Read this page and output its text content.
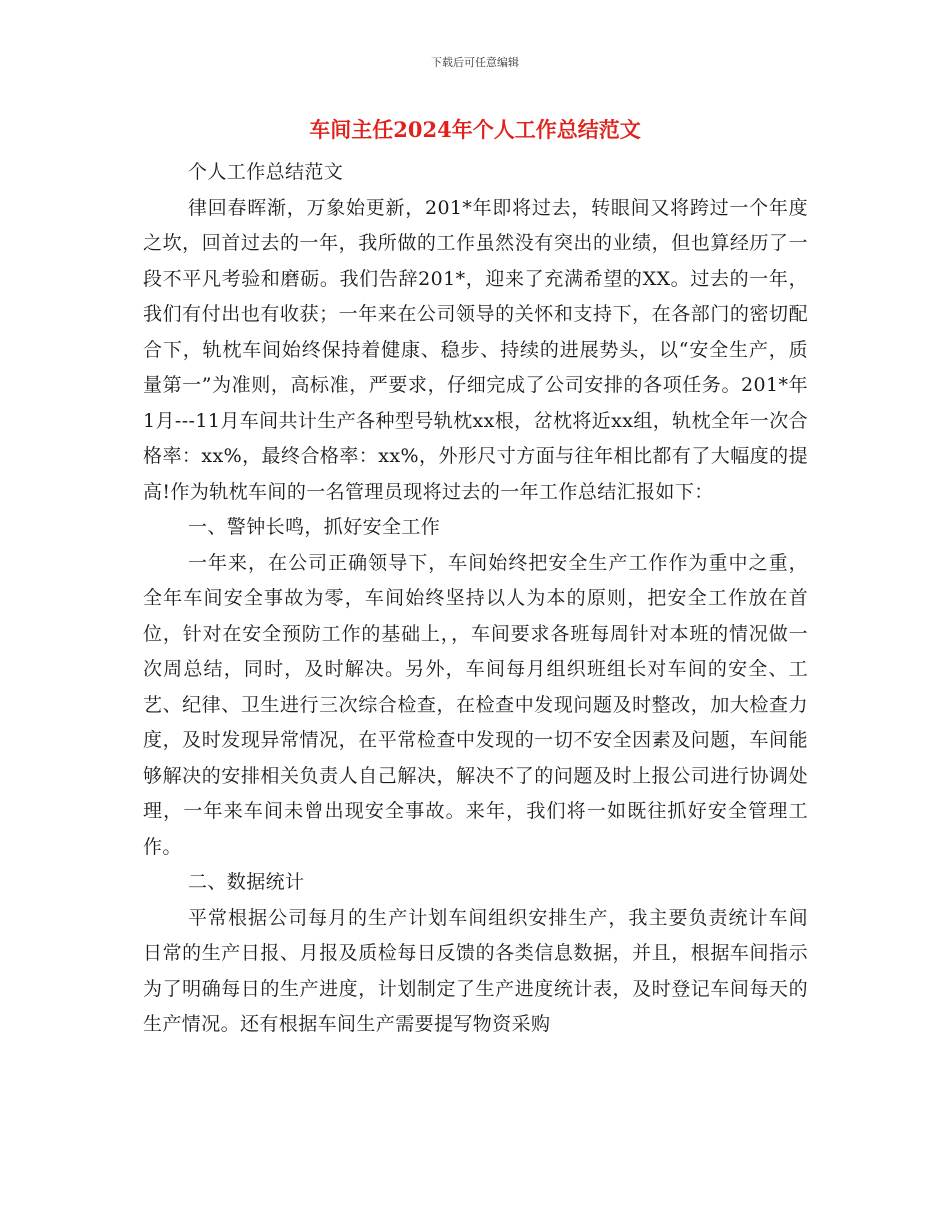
下载后可任意编辑
车间主任2024年个人工作总结范文

个人工作总结范文

律回春晖渐，万象始更新，201*年即将过去，转眼间又将跨过一个年度之坎，回首过去的一年，我所做的工作虽然没有突出的业绩，但也算经历了一段不平凡考验和磨砺。我们告辞201*，迎来了充满希望的XX。过去的一年，我们有付出也有收获；一年来在公司领导的关怀和支持下，在各部门的密切配合下，轨枕车间始终保持着健康、稳步、持续的进展势头，以“安全生产，质量第一”为准则，高标准，严要求，仔细完成了公司安排的各项任务。201*年1月---11月车间共计生产各种型号轨枕xx根，岔枕将近xx组，轨枕全年一次合格率：xx%，最终合格率：xx%，外形尺寸方面与往年相比都有了大幅度的提高!作为轨枕车间的一名管理员现将过去的一年工作总结汇报如下：

一、警钟长鸣，抓好安全工作

一年来，在公司正确领导下，车间始终把安全生产工作作为重中之重，全年车间安全事故为零，车间始终坚持以人为本的原则，把安全工作放在首位，针对在安全预防工作的基础上，，车间要求各班每周针对本班的情况做一次周总结，同时，及时解决。另外，车间每月组织班组长对车间的安全、工艺、纪律、卫生进行三次综合检查，在检查中发现问题及时整改，加大检查力度，及时发现异常情况，在平常检查中发现的一切不安全因素及问题，车间能够解决的安排相关负责人自己解决，解决不了的问题及时上报公司进行协调处理，一年来车间未曾出现安全事故。来年，我们将一如既往抓好安全管理工作。

二、数据统计

平常根据公司每月的生产计划车间组织安排生产，我主要负责统计车间日常的生产日报、月报及质检每日反馈的各类信息数据，并且，根据车间指示为了明确每日的生产进度，计划制定了生产进度统计表，及时登记车间每天的生产情况。还有根据车间生产需要提写物资采购
